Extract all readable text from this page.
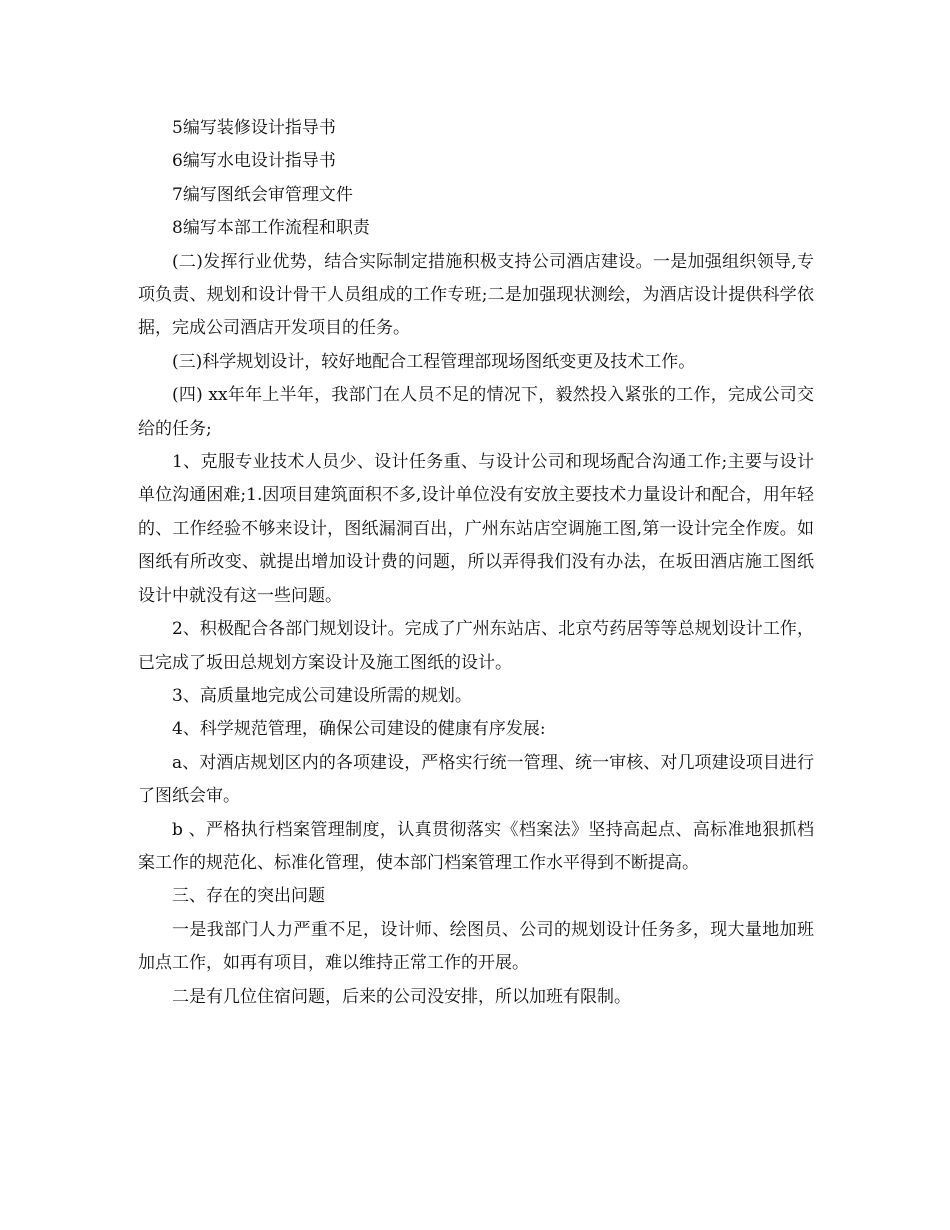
5编写装修设计指导书

6编写水电设计指导书

7编写图纸会审管理文件

8编写本部工作流程和职责

(二)发挥行业优势，结合实际制定措施积极支持公司酒店建设。一是加强组织领导,专项负责、规划和设计骨干人员组成的工作专班;二是加强现状测绘，为酒店设计提供科学依据，完成公司酒店开发项目的任务。

(三)科学规划设计，较好地配合工程管理部现场图纸变更及技术工作。

(四) xx年年上半年，我部门在人员不足的情况下，毅然投入紧张的工作，完成公司交给的任务;

1、克服专业技术人员少、设计任务重、与设计公司和现场配合沟通工作;主要与设计单位沟通困难;1.因项目建筑面积不多,设计单位没有安放主要技术力量设计和配合，用年轻的、工作经验不够来设计，图纸漏洞百出，广州东站店空调施工图,第一设计完全作废。如图纸有所改变、就提出增加设计费的问题，所以弄得我们没有办法，在坂田酒店施工图纸设计中就没有这一些问题。

2、积极配合各部门规划设计。完成了广州东站店、北京芍药居等等总规划设计工作，已完成了坂田总规划方案设计及施工图纸的设计。

3、高质量地完成公司建设所需的规划。

4、科学规范管理，确保公司建设的健康有序发展:

a、对酒店规划区内的各项建设，严格实行统一管理、统一审核、对几项建设项目进行了图纸会审。

b 、严格执行档案管理制度，认真贯彻落实《档案法》坚持高起点、高标准地狠抓档案工作的规范化、标准化管理，使本部门档案管理工作水平得到不断提高。

三、存在的突出问题

一是我部门人力严重不足，设计师、绘图员、公司的规划设计任务多，现大量地加班加点工作，如再有项目，难以维持正常工作的开展。

二是有几位住宿问题，后来的公司没安排，所以加班有限制。
